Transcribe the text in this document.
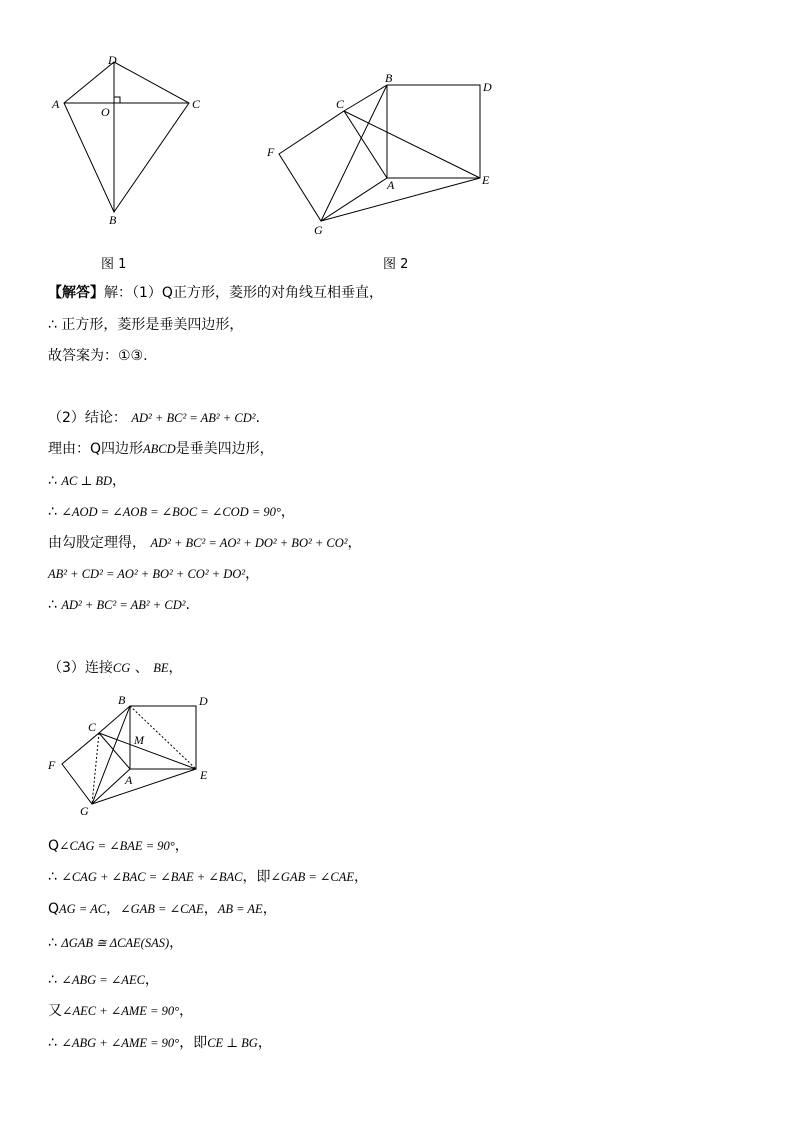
D
A
O
C
B
图 1
B
D
C
F
A	E
G
图 2
【解答】解：（1）Q正方形，菱形的对角线互相垂直，
∴ 正方形，菱形是垂美四边形，
故答案为：①③.
（2）结论： AD² + BC² = AB² + CD².
理由：Q四边形ABCD是垂美四边形，
∴ AC ⊥ BD，
∴ ∠AOD = ∠AOB = ∠BOC = ∠COD = 90°，
由勾股定理得， AD² + BC² = AO² + DO² + BO² + CO²，
AB² + CD² = AO² + BO² + CO² + DO²，
∴ AD² + BC² = AB² + CD².
（3）连接CG 、 BE，
B	D
C
M
F
A	E
G
Q∠CAG = ∠BAE = 90°，
∴ ∠CAG + ∠BAC = ∠BAE + ∠BAC，即∠GAB = ∠CAE，
QAG = AC，∠GAB = ∠CAE，AB = AE，
∴ ΔGAB ≅ ΔCAE(SAS)，
∴ ∠ABG = ∠AEC，
又∠AEC + ∠AME = 90°，
∴ ∠ABG + ∠AME = 90°，即CE ⊥ BG，
